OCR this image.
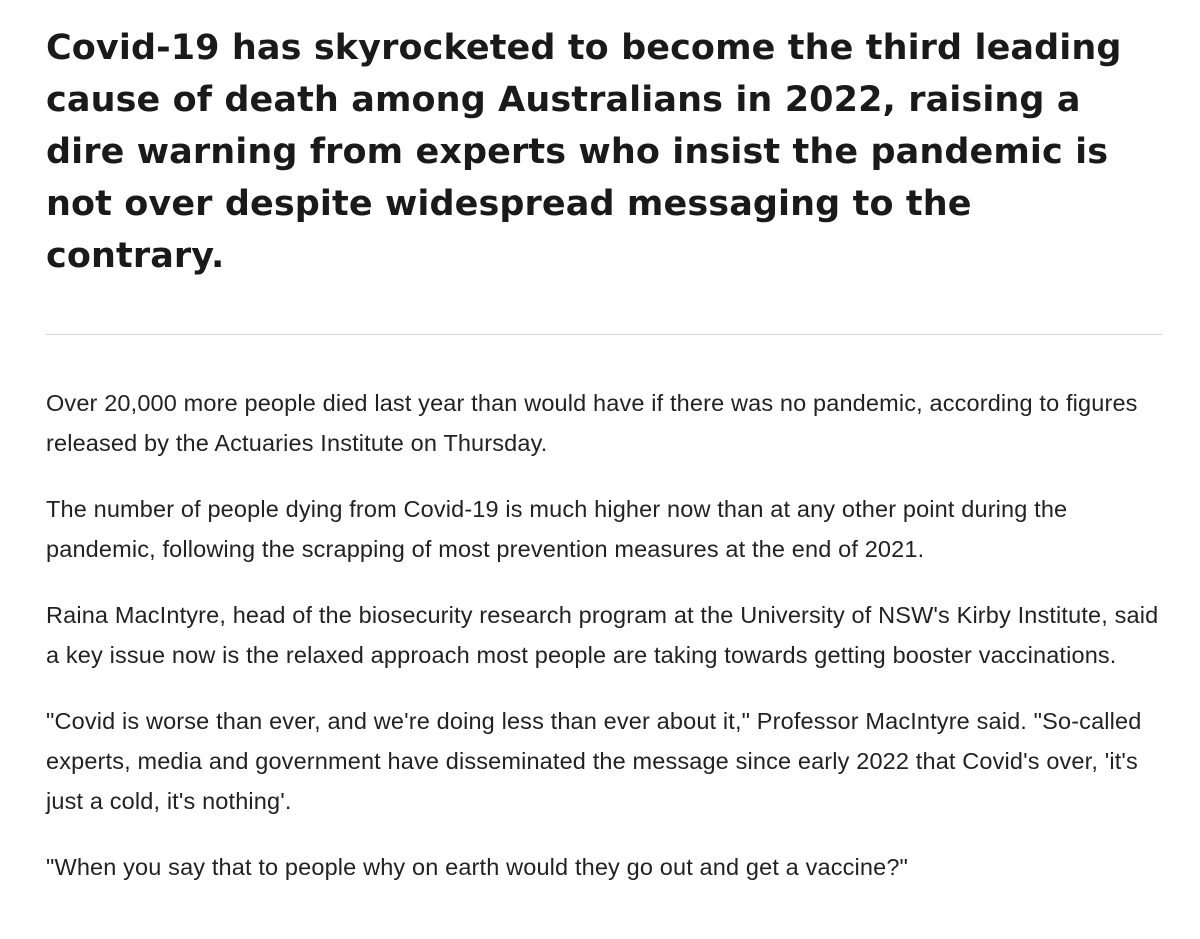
Covid-19 has skyrocketed to become the third leading cause of death among Australians in 2022, raising a dire warning from experts who insist the pandemic is not over despite widespread messaging to the contrary.

Over 20,000 more people died last year than would have if there was no pandemic, according to figures released by the Actuaries Institute on Thursday.

The number of people dying from Covid-19 is much higher now than at any other point during the pandemic, following the scrapping of most prevention measures at the end of 2021.

Raina MacIntyre, head of the biosecurity research program at the University of NSW's Kirby Institute, said a key issue now is the relaxed approach most people are taking towards getting booster vaccinations.

"Covid is worse than ever, and we're doing less than ever about it," Professor MacIntyre said. "So-called experts, media and government have disseminated the message since early 2022 that Covid's over, 'it's just a cold, it's nothing'.

"When you say that to people why on earth would they go out and get a vaccine?"
